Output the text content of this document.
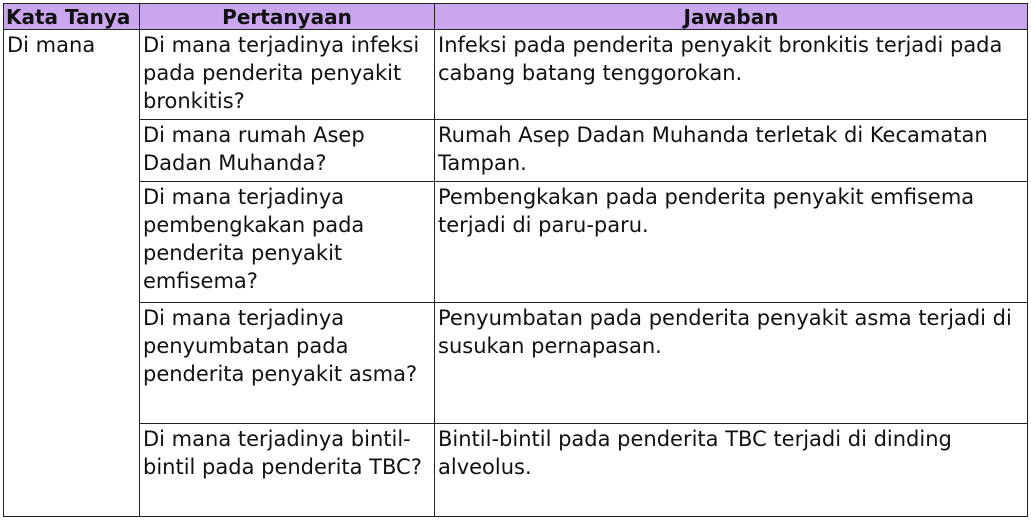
Kata Tanya	Pertanyaan	Jawaban
Di mana	Di mana terjadinya infeksi pada penderita penyakit bronkitis?	Infeksi pada penderita penyakit bronkitis terjadi pada cabang batang tenggorokan.
	Di mana rumah Asep Dadan Muhanda?	Rumah Asep Dadan Muhanda terletak di Kecamatan Tampan.
	Di mana terjadinya pembengkakan pada penderita penyakit emfisema?	Pembengkakan pada penderita penyakit emfisema terjadi di paru-paru.
	Di mana terjadinya penyumbatan pada penderita penyakit asma?	Penyumbatan pada penderita penyakit asma terjadi di susukan pernapasan.
	Di mana terjadinya bintil-bintil pada penderita TBC?	Bintil-bintil pada penderita TBC terjadi di dinding alveolus.
